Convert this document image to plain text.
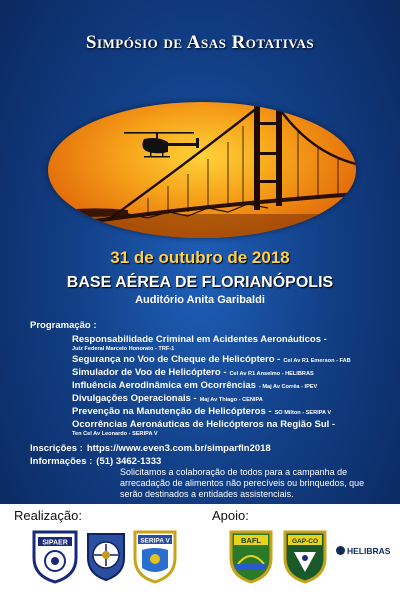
Simpósio de Asas Rotativas
31 de outubro de 2018
BASE AÉREA DE FLORIANÓPOLIS
Auditório Anita Garibaldi
Programação :
Responsabilidade Criminal em Acidentes Aeronáuticos -
Juiz Federal Marcelo Honorato - TRF-1
Segurança no Voo de Cheque de Helicóptero - Cel Av R1 Emerson - FAB
Simulador de Voo de Helicóptero - Cel Av R1 Anselmo - HELIBRAS
Influência Aerodinâmica em Ocorrências - Maj Av Corrêa - IPEV
Divulgações Operacionais - Maj Av Thiago - CENIPA
Prevenção na Manutenção de Helicópteros - SO Milton - SERIPA V
Ocorrências Aeronáuticas de Helicópteros na Região Sul -
Ten Cel Av Leonardo - SERIPA V
Inscrições : https://www.even3.com.br/simparfln2018
Informações : (51) 3462-1333
Solicitamos a colaboração de todos para a campanha de arrecadação de alimentos não perecíveis ou brinquedos, que serão destinados a entidades assistenciais.
Realização:	Apoio:
SIPAER	SERIPA V	BAFL	GAP-CO
HELIBRAS
